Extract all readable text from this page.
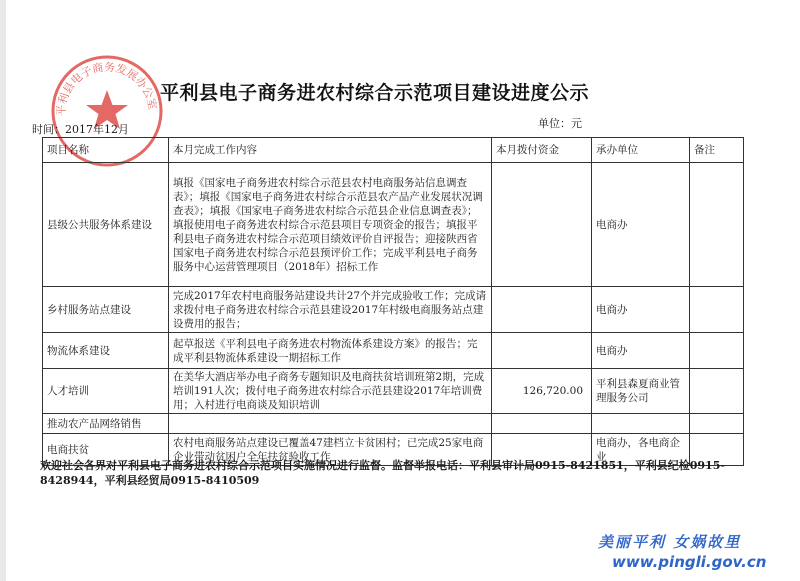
平利县电子商务发展办公室 平利县电子商务进农村综合示范项目建设进度公示
时间：2017年12月	单位：元
项目名称	本月完成工作内容	本月拨付资金	承办单位	备注
县级公共服务体系建设	填报《国家电子商务进农村综合示范县农村电商服务站信息调查表》；填报《国家电子商务进农村综合示范县农产品产业发展状况调查表》；填报《国家电子商务进农村综合示范县企业信息调查表》；填报使用电子商务进农村综合示范县项目专项资金的报告；填报平利县电子商务进农村综合示范项目绩效评价自评报告；迎接陕西省国家电子商务进农村综合示范县预评价工作；完成平利县电子商务服务中心运营管理项目（2018年）招标工作		电商办	
乡村服务站点建设	完成2017年农村电商服务站建设共计27个并完成验收工作；完成请求拨付电子商务进农村综合示范县建设2017年村级电商服务站点建设费用的报告；		电商办	
物流体系建设	起草报送《平利县电子商务进农村物流体系建设方案》的报告；完成平利县物流体系建设一期招标工作		电商办	
人才培训	在美华大酒店举办电子商务专题知识及电商扶贫培训班第2期，完成培训191人次；拨付电子商务进农村综合示范县建设2017年培训费用；入村进行电商谈及知识培训	126,720.00	平利县森夏商业管理服务公司	
推动农产品网络销售				
电商扶贫	农村电商服务站点建设已覆盖47建档立卡贫困村；已完成25家电商企业带动贫困户全年扶贫验收工作		电商办，各电商企业	
欢迎社会各界对平利县电子商务进农村综合示范项目实施情况进行监督。监督举报电话：平利县审计局0915-8421851，平利县纪检0915-8428944，平利县经贸局0915-8410509
美丽平利 女娲故里
www.pingli.gov.cn
